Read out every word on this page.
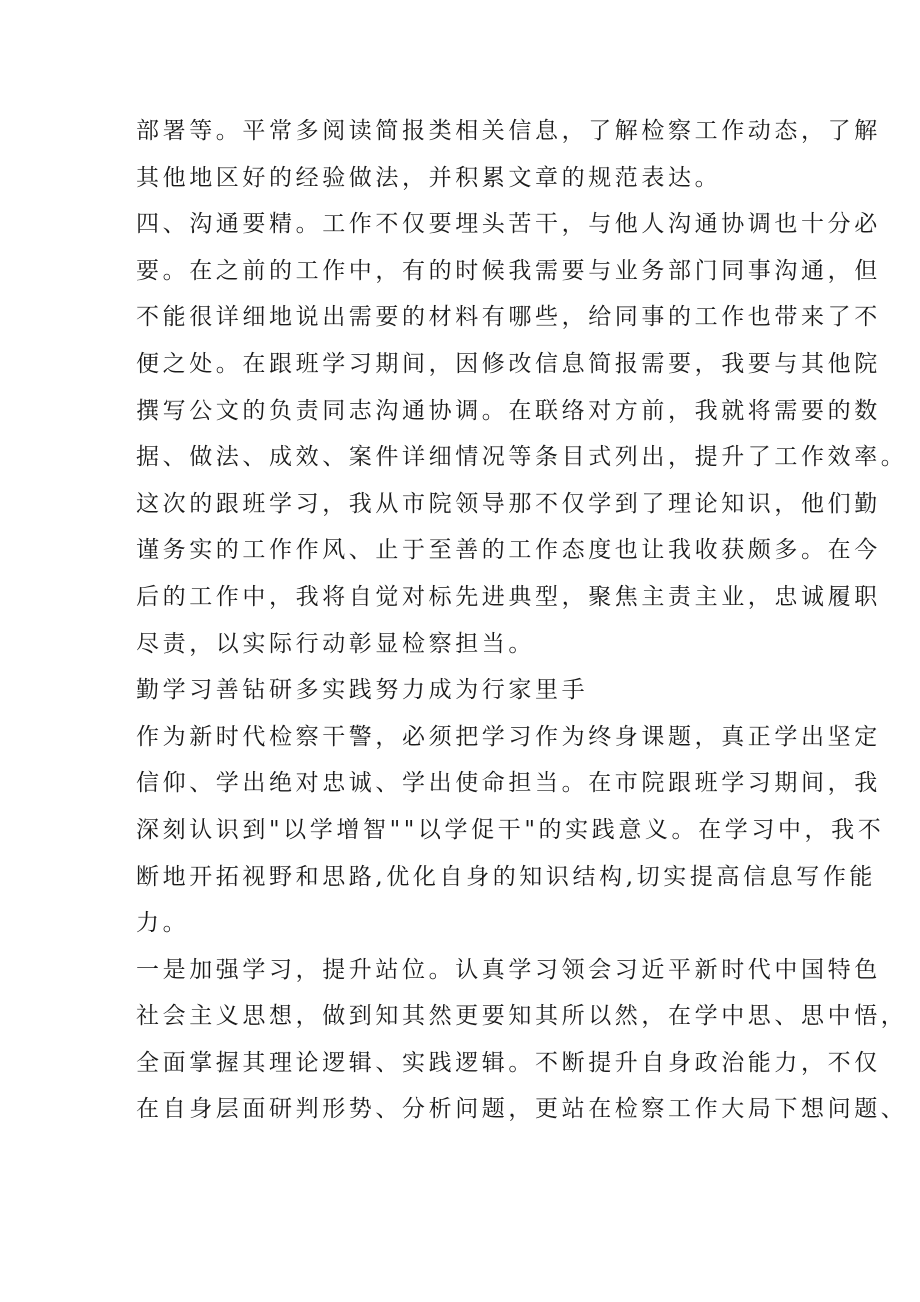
部署等。平常多阅读简报类相关信息，了解检察工作动态，了解
其他地区好的经验做法，并积累文章的规范表达。
四、沟通要精。工作不仅要埋头苦干，与他人沟通协调也十分必
要。在之前的工作中，有的时候我需要与业务部门同事沟通，但
不能很详细地说出需要的材料有哪些，给同事的工作也带来了不
便之处。在跟班学习期间，因修改信息简报需要，我要与其他院
撰写公文的负责同志沟通协调。在联络对方前，我就将需要的数
据、做法、成效、案件详细情况等条目式列出，提升了工作效率。
这次的跟班学习，我从市院领导那不仅学到了理论知识，他们勤
谨务实的工作作风、止于至善的工作态度也让我收获颇多。在今
后的工作中，我将自觉对标先进典型，聚焦主责主业，忠诚履职
尽责，以实际行动彰显检察担当。
勤学习善钻研多实践努力成为行家里手
作为新时代检察干警，必须把学习作为终身课题，真正学出坚定
信仰、学出绝对忠诚、学出使命担当。在市院跟班学习期间，我
深刻认识到"以学增智""以学促干"的实践意义。在学习中，我不
断地开拓视野和思路,优化自身的知识结构,切实提高信息写作能
力。
一是加强学习，提升站位。认真学习领会习近平新时代中国特色
社会主义思想，做到知其然更要知其所以然，在学中思、思中悟，
全面掌握其理论逻辑、实践逻辑。不断提升自身政治能力，不仅
在自身层面研判形势、分析问题，更站在检察工作大局下想问题、
